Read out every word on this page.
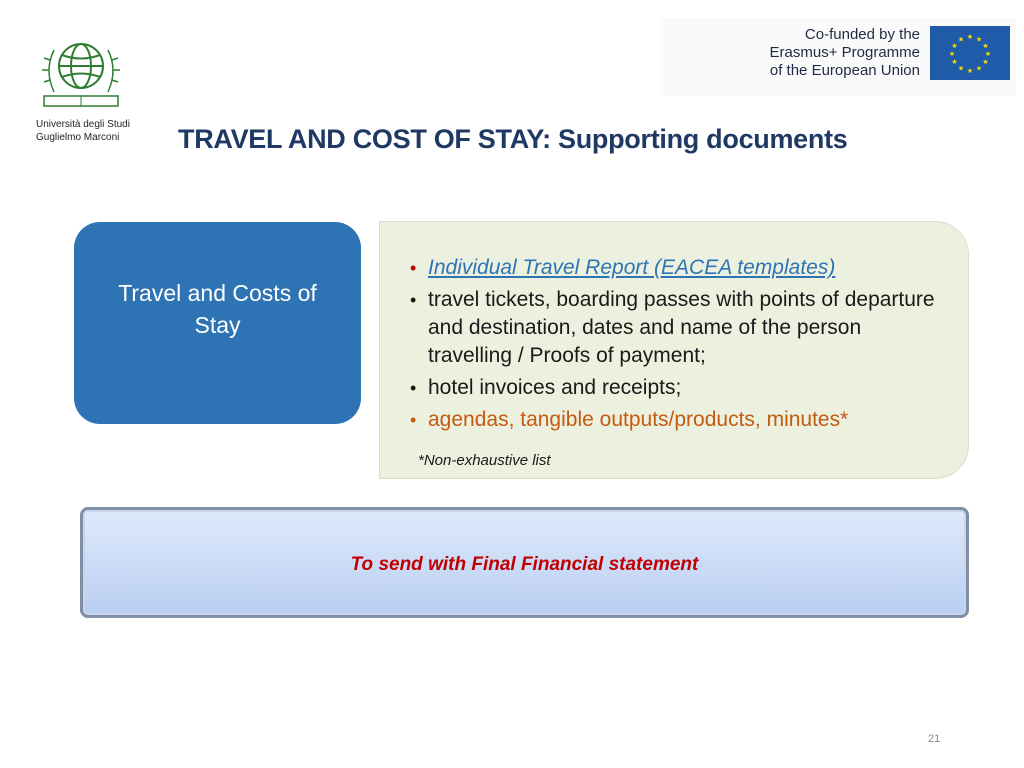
Università degli Studi
Guglielmo Marconi
Co-funded by the
Erasmus+ Programme
of the European Union
★ ★
★
★
★
★
★
★
★
★
★
★
TRAVEL AND COST OF STAY: Supporting documents
Travel and Costs of Stay
• Individual Travel Report (EACEA templates)
• travel tickets, boarding passes with points of departure and destination, dates and name of the person travelling / Proofs of payment;
• hotel invoices and receipts;
• agendas, tangible outputs/products, minutes*
*Non-exhaustive list
To send with Final Financial statement
21
